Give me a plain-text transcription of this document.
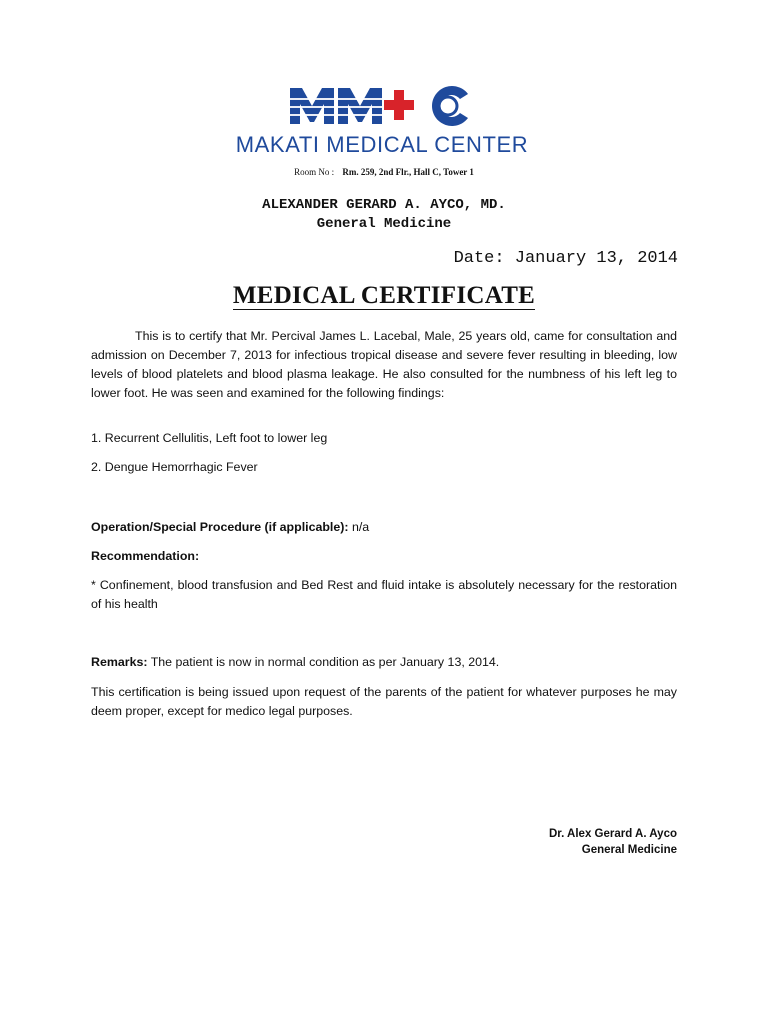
MAKATI MEDICAL CENTER
Room No : Rm. 259, 2nd Flr., Hall C, Tower 1
ALEXANDER GERARD A. AYCO, MD.
General Medicine
Date: January 13, 2014
MEDICAL CERTIFICATE
This is to certify that Mr. Percival James L. Lacebal, Male, 25 years old, came for consultation and admission on December 7, 2013 for infectious tropical disease and severe fever resulting in bleeding, low levels of blood platelets and blood plasma leakage. He also consulted for the numbness of his left leg to lower foot. He was seen and examined for the following findings:
1. Recurrent Cellulitis, Left foot to lower leg
2. Dengue Hemorrhagic Fever
Operation/Special Procedure (if applicable): n/a
Recommendation:
* Confinement, blood transfusion and Bed Rest and fluid intake is absolutely necessary for the restoration of his health
Remarks: The patient is now in normal condition as per January 13, 2014.
This certification is being issued upon request of the parents of the patient for whatever purposes he may deem proper, except for medico legal purposes.
Dr. Alex Gerard A. Ayco
General Medicine
